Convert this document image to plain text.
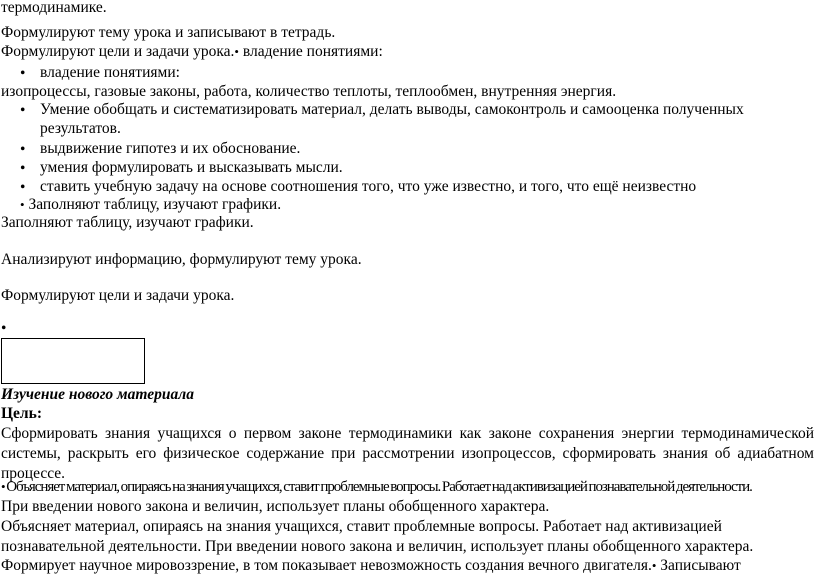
термодинамике.
Формулируют тему урока и записывают в тетрадь.
Формулируют цели и задачи урока.• владение понятиями:
• владение понятиями:
изопроцессы, газовые законы, работа, количество теплоты, теплообмен, внутренняя энергия.
• Умение обобщать и систематизировать материал, делать выводы, самоконтроль и самооценка полученных
результатов.
• выдвижение гипотез и их обоснование.
• умения формулировать и высказывать мысли.
• ставить учебную задачу на основе соотношения того, что уже известно, и того, что ещё неизвестно
• Заполняют таблицу, изучают графики.
Заполняют таблицу, изучают графики.
Анализируют информацию, формулируют тему урока.
Формулируют цели и задачи урока.
•
Изучение нового материала
Цель:
Сформировать знания учащихся о первом законе термодинамики как законе сохранения энергии термодинамической системы, раскрыть его физическое содержание при рассмотрении изопроцессов, сформировать знания об адиабатном процессе.
• Объясняет материал, опираясь на знания учащихся, ставит проблемные вопросы. Работает над активизацией познавательной деятельности.
При введении нового закона и величин, использует планы обобщенного характера.
Объясняет материал, опираясь на знания учащихся, ставит проблемные вопросы. Работает над активизацией
познавательной деятельности. При введении нового закона и величин, использует планы обобщенного характера.
Формирует научное мировоззрение, в том показывает невозможность создания вечного двигателя.• Записывают
